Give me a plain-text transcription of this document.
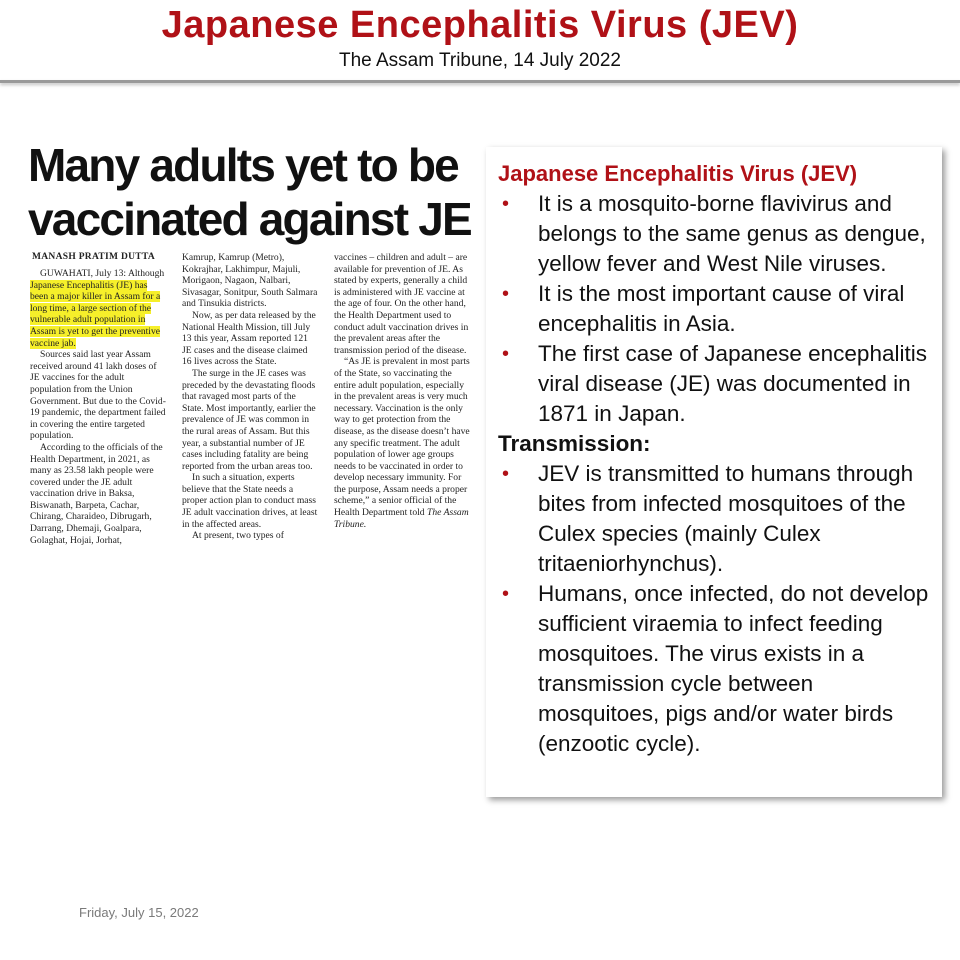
Japanese Encephalitis Virus (JEV)
The Assam Tribune, 14 July 2022
Many adults yet to be
vaccinated against JE
MANASH PRATIM DUTTA

GUWAHATI, July 13: Although Japanese Encephalitis (JE) has been a major killer in Assam for a long time, a large section of the vulnerable adult population in Assam is yet to get the preventive vaccine jab.

Sources said last year Assam received around 41 lakh doses of JE vaccines for the adult population from the Union Government. But due to the Covid-19 pandemic, the department failed in covering the entire targeted population.

According to the officials of the Health Department, in 2021, as many as 23.58 lakh people were covered under the JE adult vaccination drive in Baksa, Biswanath, Barpeta, Cachar, Chirang, Charaideo, Dibrugarh, Darrang, Dhemaji, Goalpara, Golaghat, Hojai, Jorhat,

Kamrup, Kamrup (Metro), Kokrajhar, Lakhimpur, Majuli, Morigaon, Nagaon, Nalbari, Sivasagar, Sonitpur, South Salmara and Tinsukia districts.

Now, as per data released by the National Health Mission, till July 13 this year, Assam reported 121 JE cases and the disease claimed 16 lives across the State.

The surge in the JE cases was preceded by the devastating floods that ravaged most parts of the State. Most importantly, earlier the prevalence of JE was common in the rural areas of Assam. But this year, a substantial number of JE cases including fatality are being reported from the urban areas too.

In such a situation, experts believe that the State needs a proper action plan to conduct mass JE adult vaccination drives, at least in the affected areas.

At present, two types of

vaccines – children and adult – are available for prevention of JE. As stated by experts, generally a child is administered with JE vaccine at the age of four. On the other hand, the Health Department used to conduct adult vaccination drives in the prevalent areas after the transmission period of the disease.

“As JE is prevalent in most parts of the State, so vaccinating the entire adult population, especially in the prevalent areas is very much necessary. Vaccination is the only way to get protection from the disease, as the disease doesn’t have any specific treatment. The adult population of lower age groups needs to be vaccinated in order to develop necessary immunity. For the purpose, Assam needs a proper scheme,” a senior official of the Health Department told The Assam Tribune.

Japanese Encephalitis Virus (JEV)
• It is a mosquito-borne flavivirus and belongs to the same genus as dengue, yellow fever and West Nile viruses.
• It is the most important cause of viral encephalitis in Asia.
• The first case of Japanese encephalitis viral disease (JE) was documented in 1871 in Japan.
Transmission:
• JEV is transmitted to humans through bites from infected mosquitoes of the Culex species (mainly Culex tritaeniorhynchus).
• Humans, once infected, do not develop sufficient viraemia to infect feeding mosquitoes. The virus exists in a transmission cycle between mosquitoes, pigs and/or water birds (enzootic cycle).
Friday, July 15, 2022
